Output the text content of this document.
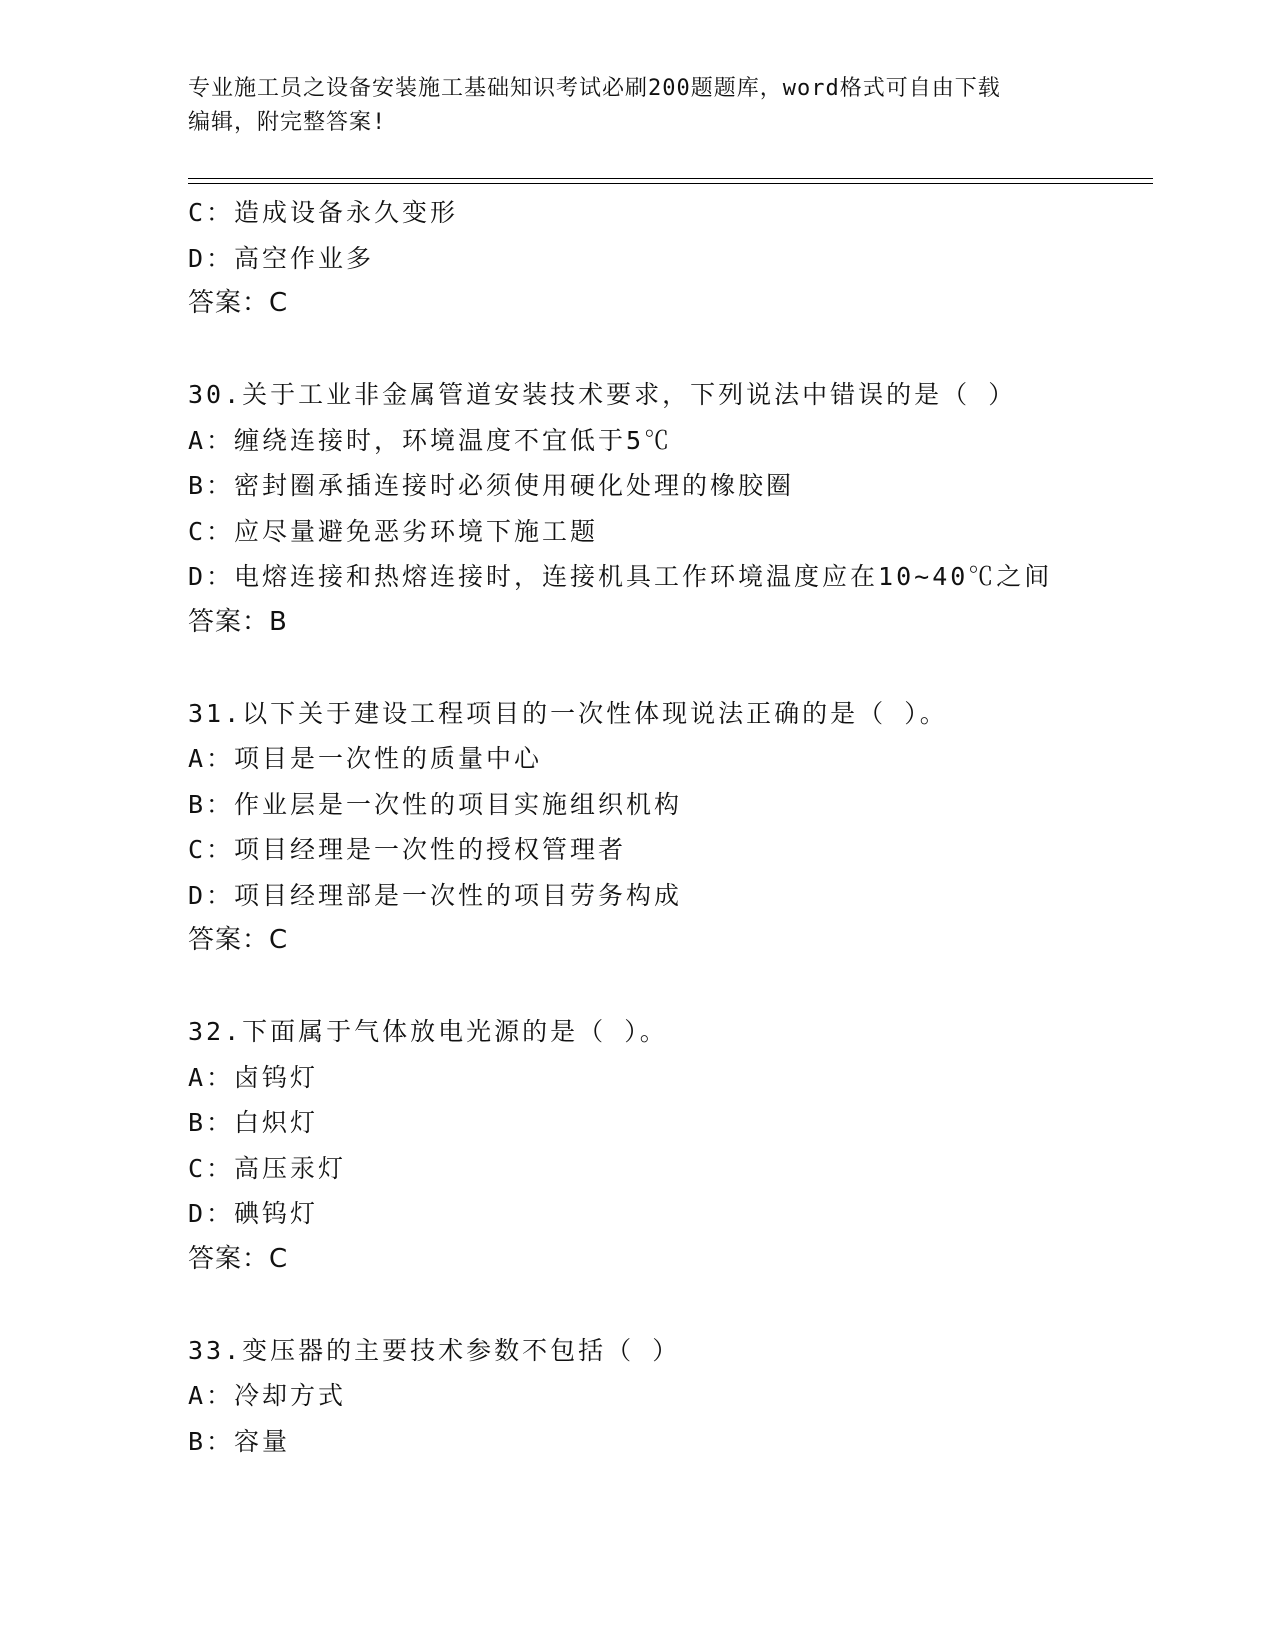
专业施工员之设备安装施工基础知识考试必刷200题题库，word格式可自由下载
编辑，附完整答案!
C：造成设备永久变形
D：高空作业多
答案：C
30.关于工业非金属管道安装技术要求，下列说法中错误的是（ ）
A：缠绕连接时，环境温度不宜低于5℃
B：密封圈承插连接时必须使用硬化处理的橡胶圈
C：应尽量避免恶劣环境下施工题
D：电熔连接和热熔连接时，连接机具工作环境温度应在10~40℃之间
答案：B
31.以下关于建设工程项目的一次性体现说法正确的是（ ）。
A：项目是一次性的质量中心
B：作业层是一次性的项目实施组织机构
C：项目经理是一次性的授权管理者
D：项目经理部是一次性的项目劳务构成
答案：C
32.下面属于气体放电光源的是（ ）。
A：卤钨灯
B：白炽灯
C：高压汞灯
D：碘钨灯
答案：C
33.变压器的主要技术参数不包括（ ）
A：冷却方式
B：容量
